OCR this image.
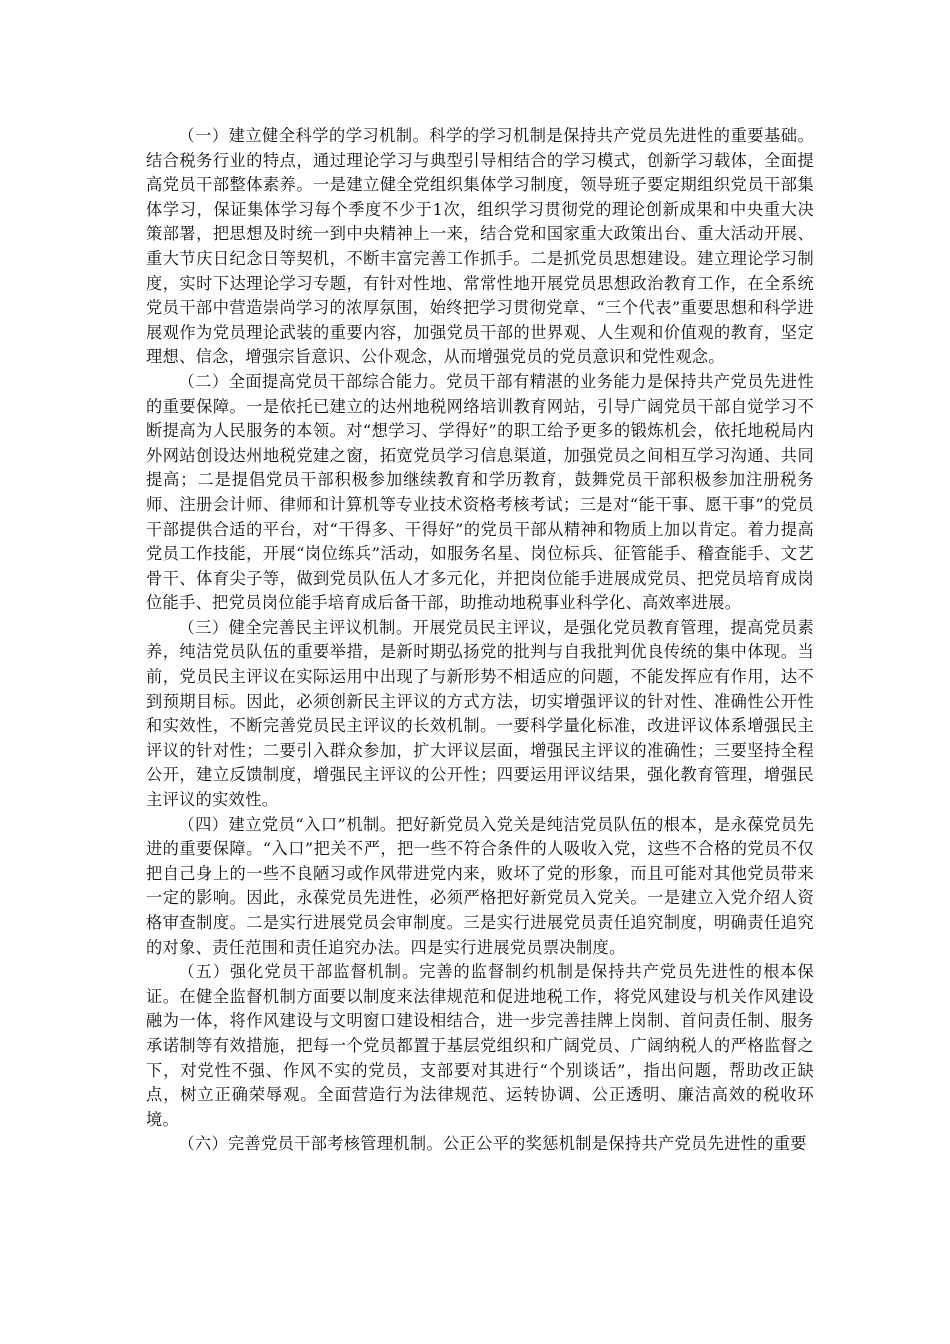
（一）建立健全科学的学习机制。科学的学习机制是保持共产党员先进性的重要基础。结合税务行业的特点，通过理论学习与典型引导相结合的学习模式，创新学习载体，全面提高党员干部整体素养。一是建立健全党组织集体学习制度，领导班子要定期组织党员干部集体学习，保证集体学习每个季度不少于1次，组织学习贯彻党的理论创新成果和中央重大决策部署，把思想及时统一到中央精神上一来，结合党和国家重大政策出台、重大活动开展、重大节庆日纪念日等契机，不断丰富完善工作抓手。二是抓党员思想建设。建立理论学习制度，实时下达理论学习专题，有针对性地、常常性地开展党员思想政治教育工作，在全系统党员干部中营造崇尚学习的浓厚氛围，始终把学习贯彻党章、“三个代表”重要思想和科学进展观作为党员理论武装的重要内容，加强党员干部的世界观、人生观和价值观的教育，坚定理想、信念，增强宗旨意识、公仆观念，从而增强党员的党员意识和党性观念。

（二）全面提高党员干部综合能力。党员干部有精湛的业务能力是保持共产党员先进性的重要保障。一是依托已建立的达州地税网络培训教育网站，引导广阔党员干部自觉学习不断提高为人民服务的本领。对“想学习、学得好”的职工给予更多的锻炼机会，依托地税局内外网站创设达州地税党建之窗，拓宽党员学习信息渠道，加强党员之间相互学习沟通、共同提高；二是提倡党员干部积极参加继续教育和学历教育，鼓舞党员干部积极参加注册税务师、注册会计师、律师和计算机等专业技术资格考核考试；三是对“能干事、愿干事”的党员干部提供合适的平台，对“干得多、干得好”的党员干部从精神和物质上加以肯定。着力提高党员工作技能，开展“岗位练兵”活动，如服务名星、岗位标兵、征管能手、稽查能手、文艺骨干、体育尖子等，做到党员队伍人才多元化，并把岗位能手进展成党员、把党员培育成岗位能手、把党员岗位能手培育成后备干部，助推动地税事业科学化、高效率进展。

（三）健全完善民主评议机制。开展党员民主评议，是强化党员教育管理，提高党员素养，纯洁党员队伍的重要举措，是新时期弘扬党的批判与自我批判优良传统的集中体现。当前，党员民主评议在实际运用中出现了与新形势不相适应的问题，不能发挥应有作用，达不到预期目标。因此，必须创新民主评议的方式方法，切实增强评议的针对性、准确性公开性和实效性，不断完善党员民主评议的长效机制。一要科学量化标准，改进评议体系增强民主评议的针对性；二要引入群众参加，扩大评议层面，增强民主评议的准确性；三要坚持全程公开，建立反馈制度，增强民主评议的公开性；四要运用评议结果，强化教育管理，增强民主评议的实效性。

（四）建立党员“入口”机制。把好新党员入党关是纯洁党员队伍的根本，是永葆党员先进的重要保障。“入口”把关不严，把一些不符合条件的人吸收入党，这些不合格的党员不仅把自己身上的一些不良陋习或作风带进党内来，败坏了党的形象，而且可能对其他党员带来一定的影响。因此，永葆党员先进性，必须严格把好新党员入党关。一是建立入党介绍人资格审查制度。二是实行进展党员会审制度。三是实行进展党员责任追究制度，明确责任追究的对象、责任范围和责任追究办法。四是实行进展党员票决制度。

（五）强化党员干部监督机制。完善的监督制约机制是保持共产党员先进性的根本保证。在健全监督机制方面要以制度来法律规范和促进地税工作，将党风建设与机关作风建设融为一体，将作风建设与文明窗口建设相结合，进一步完善挂牌上岗制、首问责任制、服务承诺制等有效措施，把每一个党员都置于基层党组织和广阔党员、广阔纳税人的严格监督之下，对党性不强、作风不实的党员，支部要对其进行“个别谈话”，指出问题，帮助改正缺点，树立正确荣辱观。全面营造行为法律规范、运转协调、公正透明、廉洁高效的税收环境。

（六）完善党员干部考核管理机制。公正公平的奖惩机制是保持共产党员先进性的重要
